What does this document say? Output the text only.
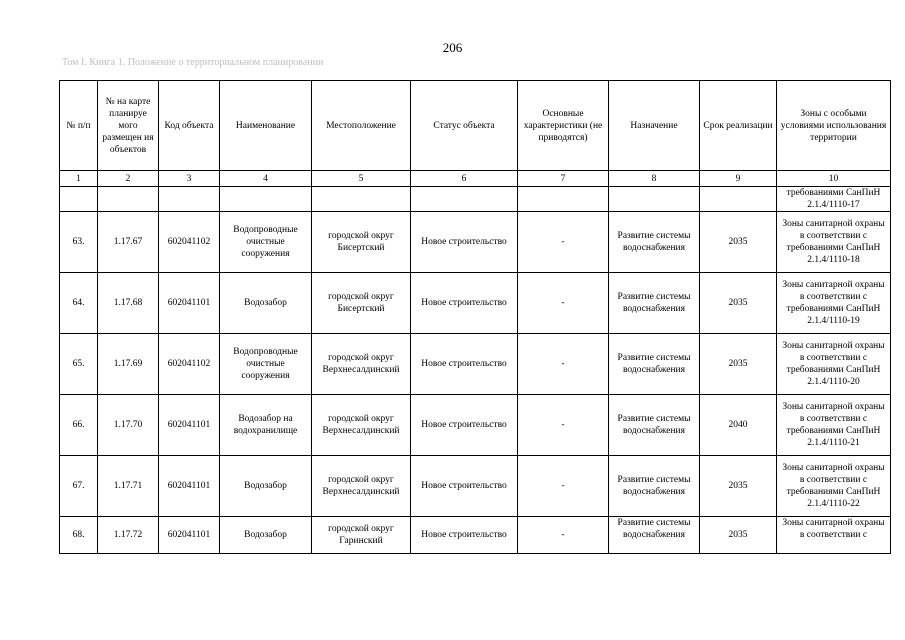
206
Том I. Книга 1. Положение о территориальном планировании
№ п/п	№ на карте планируе мого размещен ия объектов	Код объекта	Наименование	Местоположение	Статус объекта	Основные характеристики (не приводятся)	Назначение	Срок реализации	Зоны с особыми условиями использования территории
1	2	3	4	5	6	7	8	9	10
									требованиями СанПиН 2.1.4/1110-17
63.	1.17.67	602041102	Водопроводные очистные сооружения	городской округ Бисертский	Новое строительство	-	Развитие системы водоснабжения	2035	Зоны санитарной охраны в соответствии с требованиями СанПиН 2.1.4/1110-18
64.	1.17.68	602041101	Водозабор	городской округ Бисертский	Новое строительство	-	Развитие системы водоснабжения	2035	Зоны санитарной охраны в соответствии с требованиями СанПиН 2.1.4/1110-19
65.	1.17.69	602041102	Водопроводные очистные сооружения	городской округ Верхнесалдинский	Новое строительство	-	Развитие системы водоснабжения	2035	Зоны санитарной охраны в соответствии с требованиями СанПиН 2.1.4/1110-20
66.	1.17.70	602041101	Водозабор на водохранилище	городской округ Верхнесалдинский	Новое строительство	-	Развитие системы водоснабжения	2040	Зоны санитарной охраны в соответствии с требованиями СанПиН 2.1.4/1110-21
67.	1.17.71	602041101	Водозабор	городской округ Верхнесалдинский	Новое строительство	-	Развитие системы водоснабжения	2035	Зоны санитарной охраны в соответствии с требованиями СанПиН 2.1.4/1110-22
68.	1.17.72	602041101	Водозабор	городской округ Гаринский	Новое строительство	-	Развитие системы водоснабжения	2035	Зоны санитарной охраны в соответствии с
